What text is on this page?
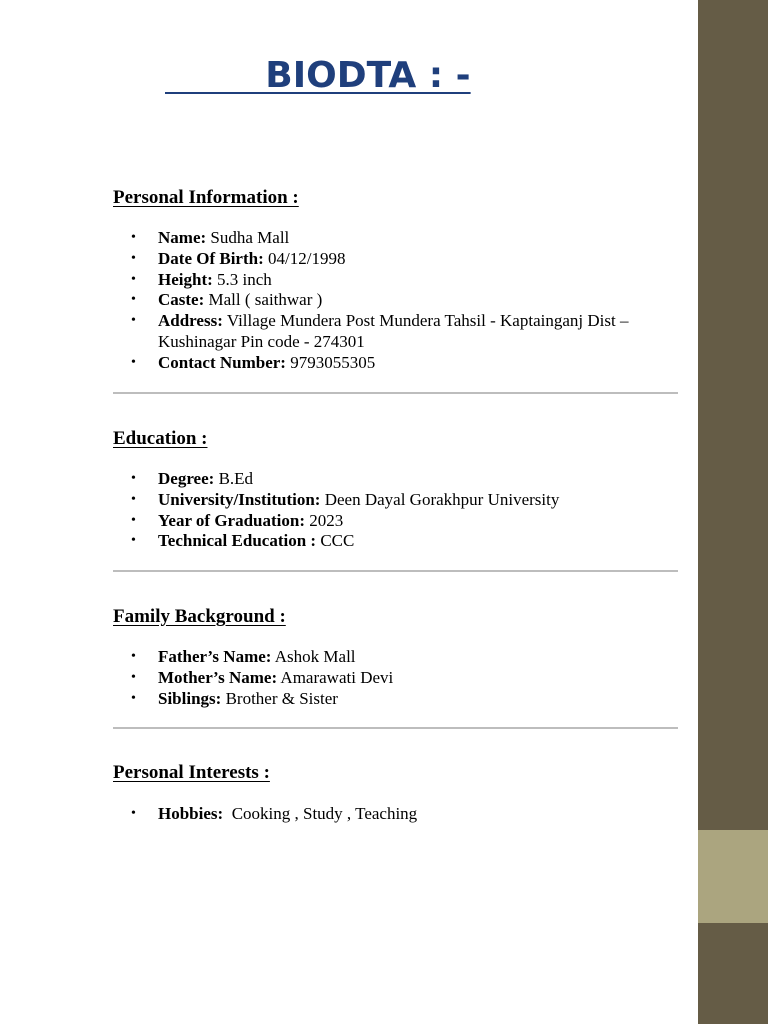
BIODTA : -
Personal Information :
• Name: Sudha Mall
• Date Of Birth: 04/12/1998
• Height: 5.3 inch
• Caste: Mall ( saithwar )
• Address: Village Mundera Post Mundera Tahsil - Kaptainganj Dist – Kushinagar Pin code - 274301
• Contact Number: 9793055305
Education :
• Degree: B.Ed
• University/Institution: Deen Dayal Gorakhpur University
• Year of Graduation: 2023
• Technical Education : CCC
Family Background :
• Father’s Name: Ashok Mall
• Mother’s Name: Amarawati Devi
• Siblings: Brother & Sister
Personal Interests :
• Hobbies:  Cooking , Study , Teaching
